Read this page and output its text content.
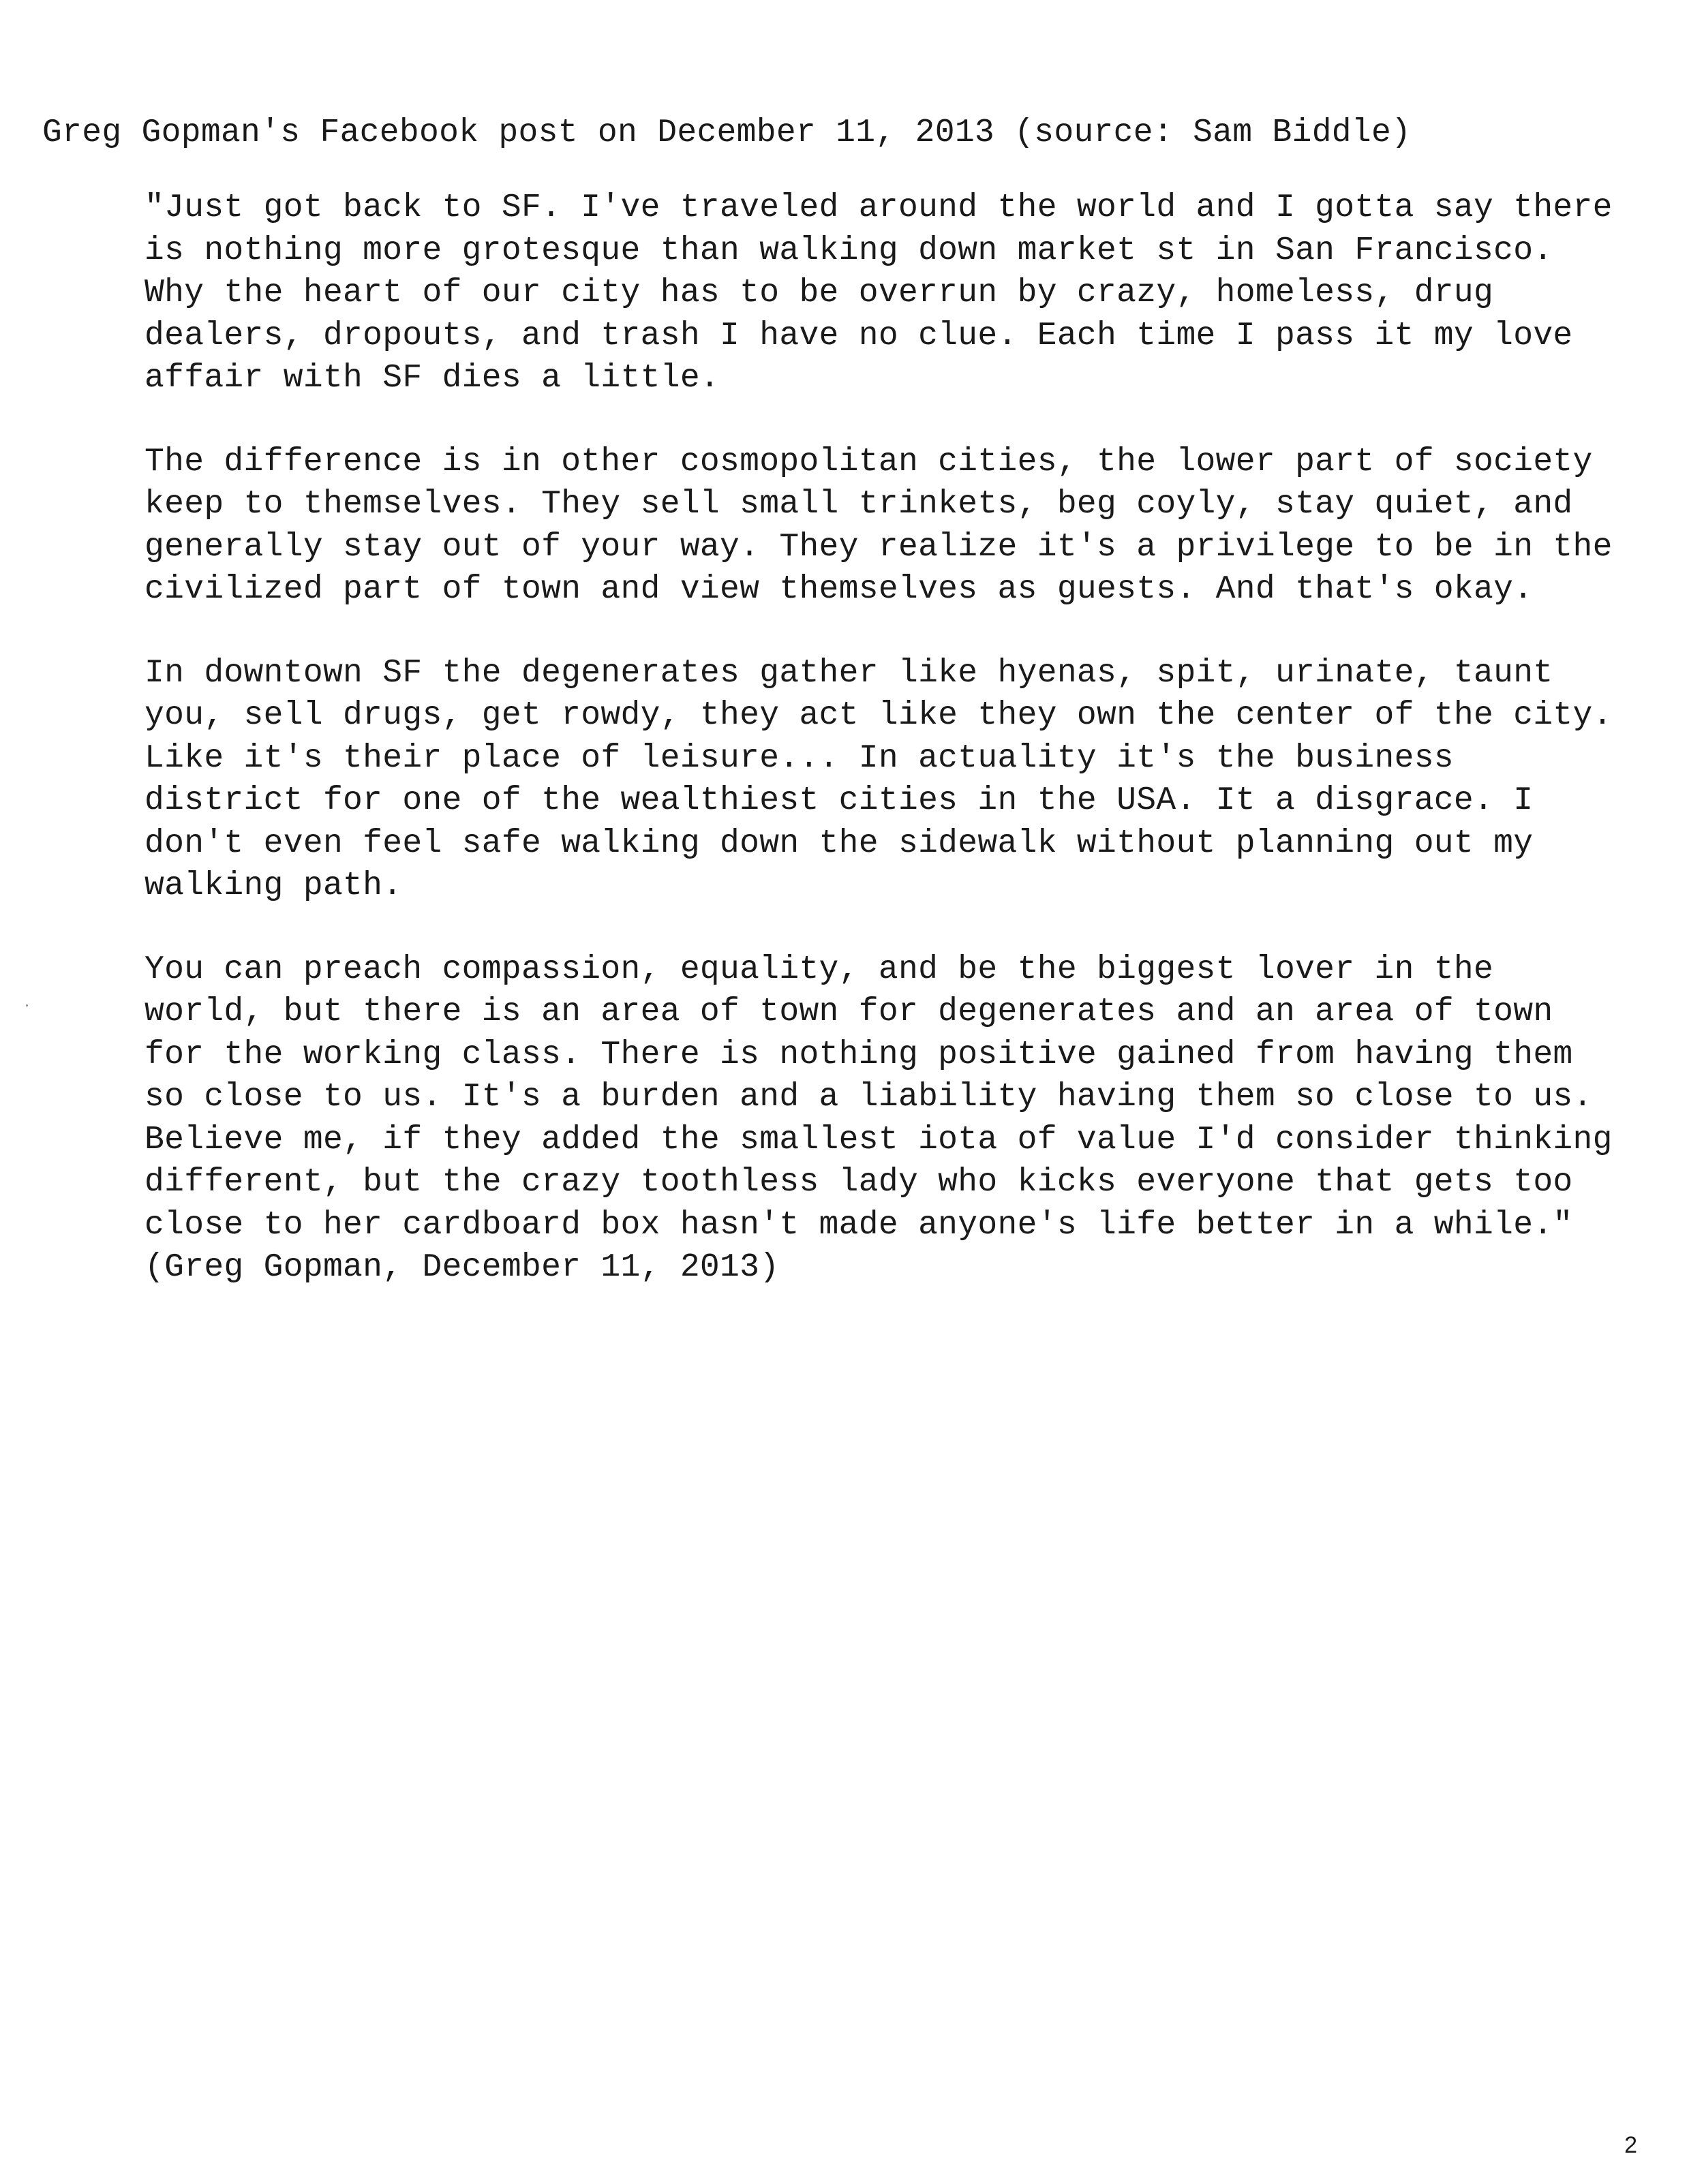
Greg Gopman's Facebook post on December 11, 2013 (source: Sam Biddle)

"Just got back to SF. I've traveled around the world and I gotta say there
is nothing more grotesque than walking down market st in San Francisco.
Why the heart of our city has to be overrun by crazy, homeless, drug
dealers, dropouts, and trash I have no clue. Each time I pass it my love
affair with SF dies a little.

The difference is in other cosmopolitan cities, the lower part of society
keep to themselves. They sell small trinkets, beg coyly, stay quiet, and
generally stay out of your way. They realize it's a privilege to be in the
civilized part of town and view themselves as guests. And that's okay.

In downtown SF the degenerates gather like hyenas, spit, urinate, taunt
you, sell drugs, get rowdy, they act like they own the center of the city.
Like it's their place of leisure... In actuality it's the business
district for one of the wealthiest cities in the USA. It a disgrace. I
don't even feel safe walking down the sidewalk without planning out my
walking path.

You can preach compassion, equality, and be the biggest lover in the
world, but there is an area of town for degenerates and an area of town
for the working class. There is nothing positive gained from having them
so close to us. It's a burden and a liability having them so close to us.
Believe me, if they added the smallest iota of value I'd consider thinking
different, but the crazy toothless lady who kicks everyone that gets too
close to her cardboard box hasn't made anyone's life better in a while."
(Greg Gopman, December 11, 2013)

2
